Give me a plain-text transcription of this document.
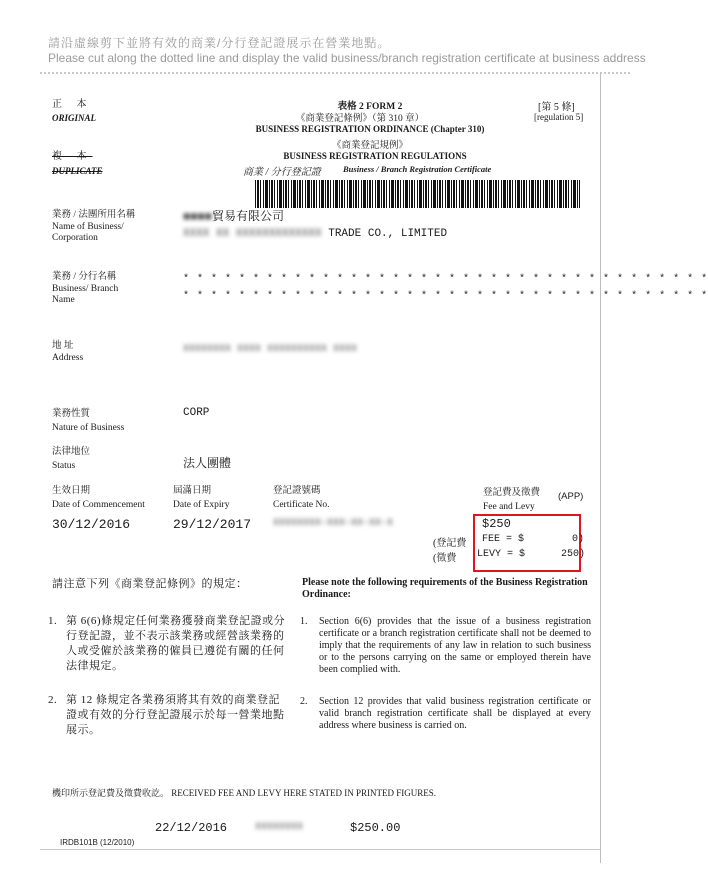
請沿虛線剪下並將有效的商業/分行登記證展示在營業地點。
Please cut along the dotted line and display the valid business/branch registration certificate at business address
正 本
ORIGINAL
複 本
DUPLICATE
表格 2 FORM 2	[第 5 條]
[regulation 5]
《商業登記條例》（第 310 章）
BUSINESS REGISTRATION ORDINANCE (Chapter 310)
《商業登記規例》
BUSINESS REGISTRATION REGULATIONS
商業 / 分行登記證	Business / Branch Registration Certificate
業務 / 法團所用名稱
Name of Business/ Corporation
■■■■貿易有限公司
XXXX XX XXXXXXXXXXXXX TRADE CO., LIMITED
業務 / 分行名稱
Business/ Branch Name
* * * * * * * * * * * * * * * * * * * * * * * * * * * * * * * * * * * * * *
* * * * * * * * * * * * * * * * * * * * * * * * * * * * * * * * * * * * * *
地 址
Address
XXXXXXXX XXXX XXXXXXXXXX XXXX
業務性質
Nature of Business
CORP
法律地位
Status	法人團體
生效日期
Date of Commencement
30/12/2016
屆滿日期
Date of Expiry
29/12/2017
登記證號碼
Certificate No.
XXXXXXXX-XXX-XX-XX-X
登記費及徵費 (APP)
Fee and Levy
$250
(登記費 FEE = $        0)
(徵費 LEVY = $      250)
請注意下列《商業登記條例》的規定：	Please note the following requirements of the Business Registration Ordinance:
1. 第 6(6)條規定任何業務獲發商業登記證或分行登記證，並不表示該業務或經營該業務的人或受僱於該業務的僱員已遵從有關的任何法律規定。
1. Section 6(6) provides that the issue of a business registration certificate or a branch registration certificate shall not be deemed to imply that the requirements of any law in relation to such business or to the persons carrying on the same or employed therein have been complied with.
2. 第 12 條規定各業務須將其有效的商業登記證或有效的分行登記證展示於每一營業地點展示。
2. Section 12 provides that valid business registration certificate or valid branch registration certificate shall be displayed at every address where business is carried on.
機印所示登記費及徵費收訖。 RECEIVED FEE AND LEVY HERE STATED IN PRINTED FIGURES.
22/12/2016	XXXXXXXX	$250.00
IRDB101B (12/2010)
